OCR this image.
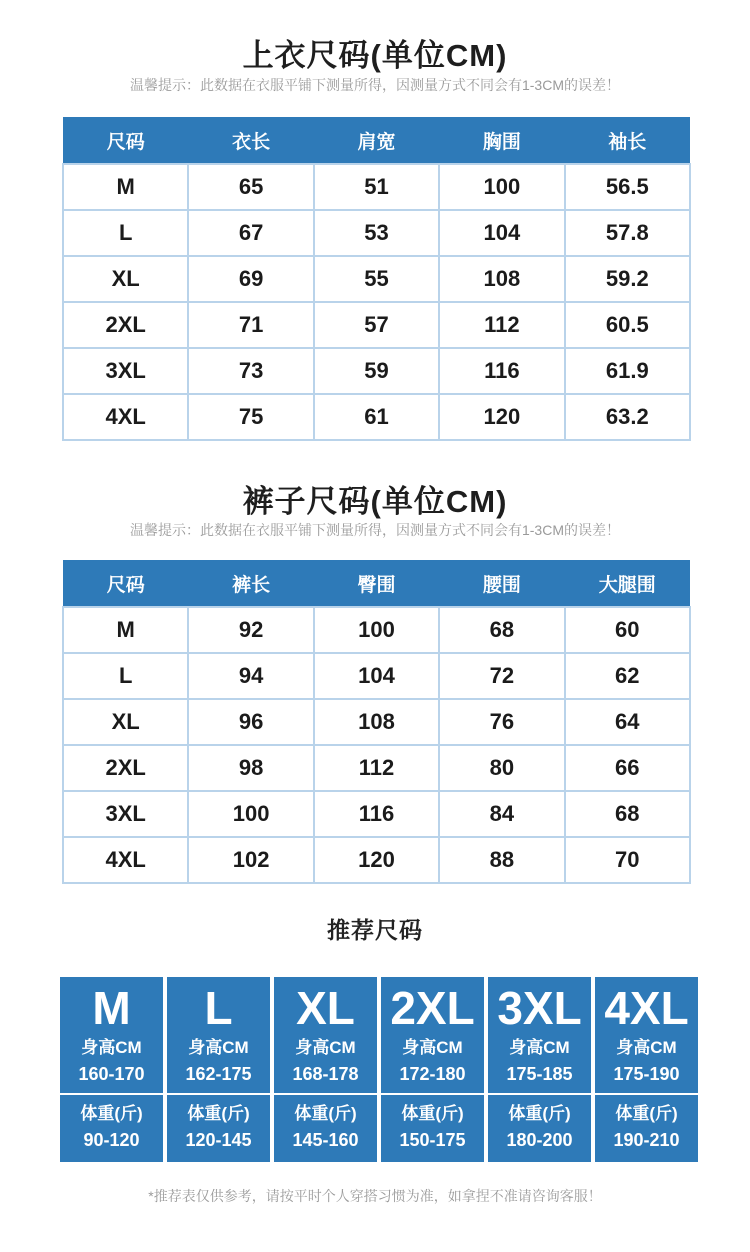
上衣尺码(单位CM)
温馨提示：此数据在衣服平铺下测量所得，因测量方式不同会有1-3CM的误差！
尺码	衣长	肩宽	胸围	袖长
M	65	51	100	56.5
L	67	53	104	57.8
XL	69	55	108	59.2
2XL	71	57	112	60.5
3XL	73	59	116	61.9
4XL	75	61	120	63.2
裤子尺码(单位CM)
温馨提示：此数据在衣服平铺下测量所得，因测量方式不同会有1-3CM的误差！
尺码	裤长	臀围	腰围	大腿围
M	92	100	68	60
L	94	104	72	62
XL	96	108	76	64
2XL	98	112	80	66
3XL	100	116	84	68
4XL	102	120	88	70
推荐尺码
M
身高CM
160-170
体重(斤)
90-120
L
身高CM
162-175
体重(斤)
120-145
XL
身高CM
168-178
体重(斤)
145-160
2XL
身高CM
172-180
体重(斤)
150-175
3XL
身高CM
175-185
体重(斤)
180-200
4XL
身高CM
175-190
体重(斤)
190-210
*推荐表仅供参考，请按平时个人穿搭习惯为准，如拿捏不准请咨询客服！
